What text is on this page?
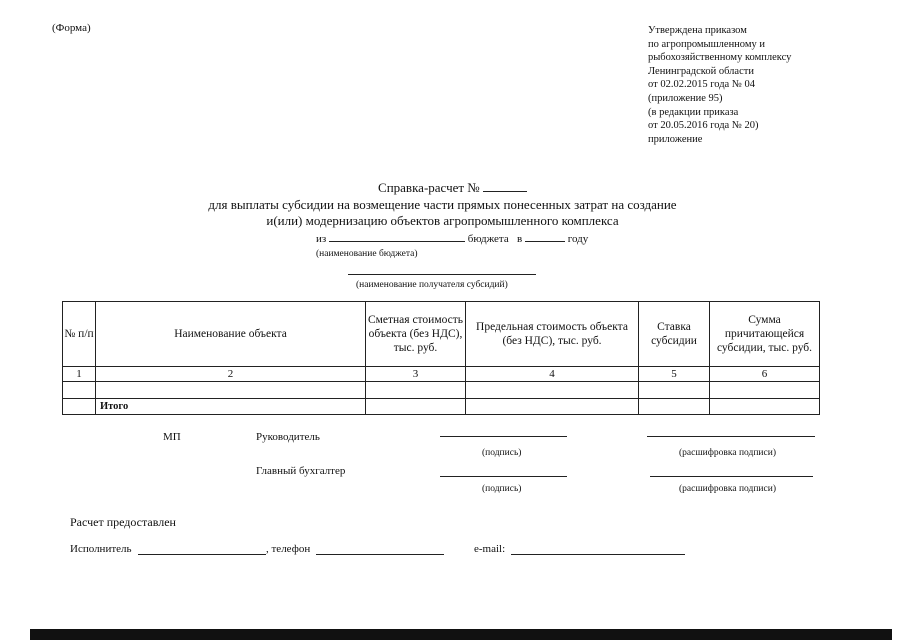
(Форма)	Утверждена приказом
по агропромышленному и
рыбохозяйственному комплексу
Ленинградской области
от 02.02.2015 года № 04
(приложение 95)
(в редакции приказа
от 20.05.2016 года № 20)
приложение
Справка-расчет №
для выплаты субсидии на возмещение части прямых понесенных затрат на создание
и(или) модернизацию объектов агропромышленного комплекса
из	бюджета в	году
(наименование бюджета)
(наименование получателя субсидий)
№ п/п	Наименование объекта	Сметная стоимость объекта (без НДС), тыс. руб.	Предельная стоимость объекта (без НДС), тыс. руб.	Ставка субсидии	Сумма причитающейся субсидии, тыс. руб.
1	2	3	4	5	6

	Итого				
МП	Руководитель
(подпись)	(расшифровка подписи)
Главный бухгалтер
(подпись)	(расшифровка подписи)
Расчет предоставлен
Исполнитель	, телефон	e-mail:
